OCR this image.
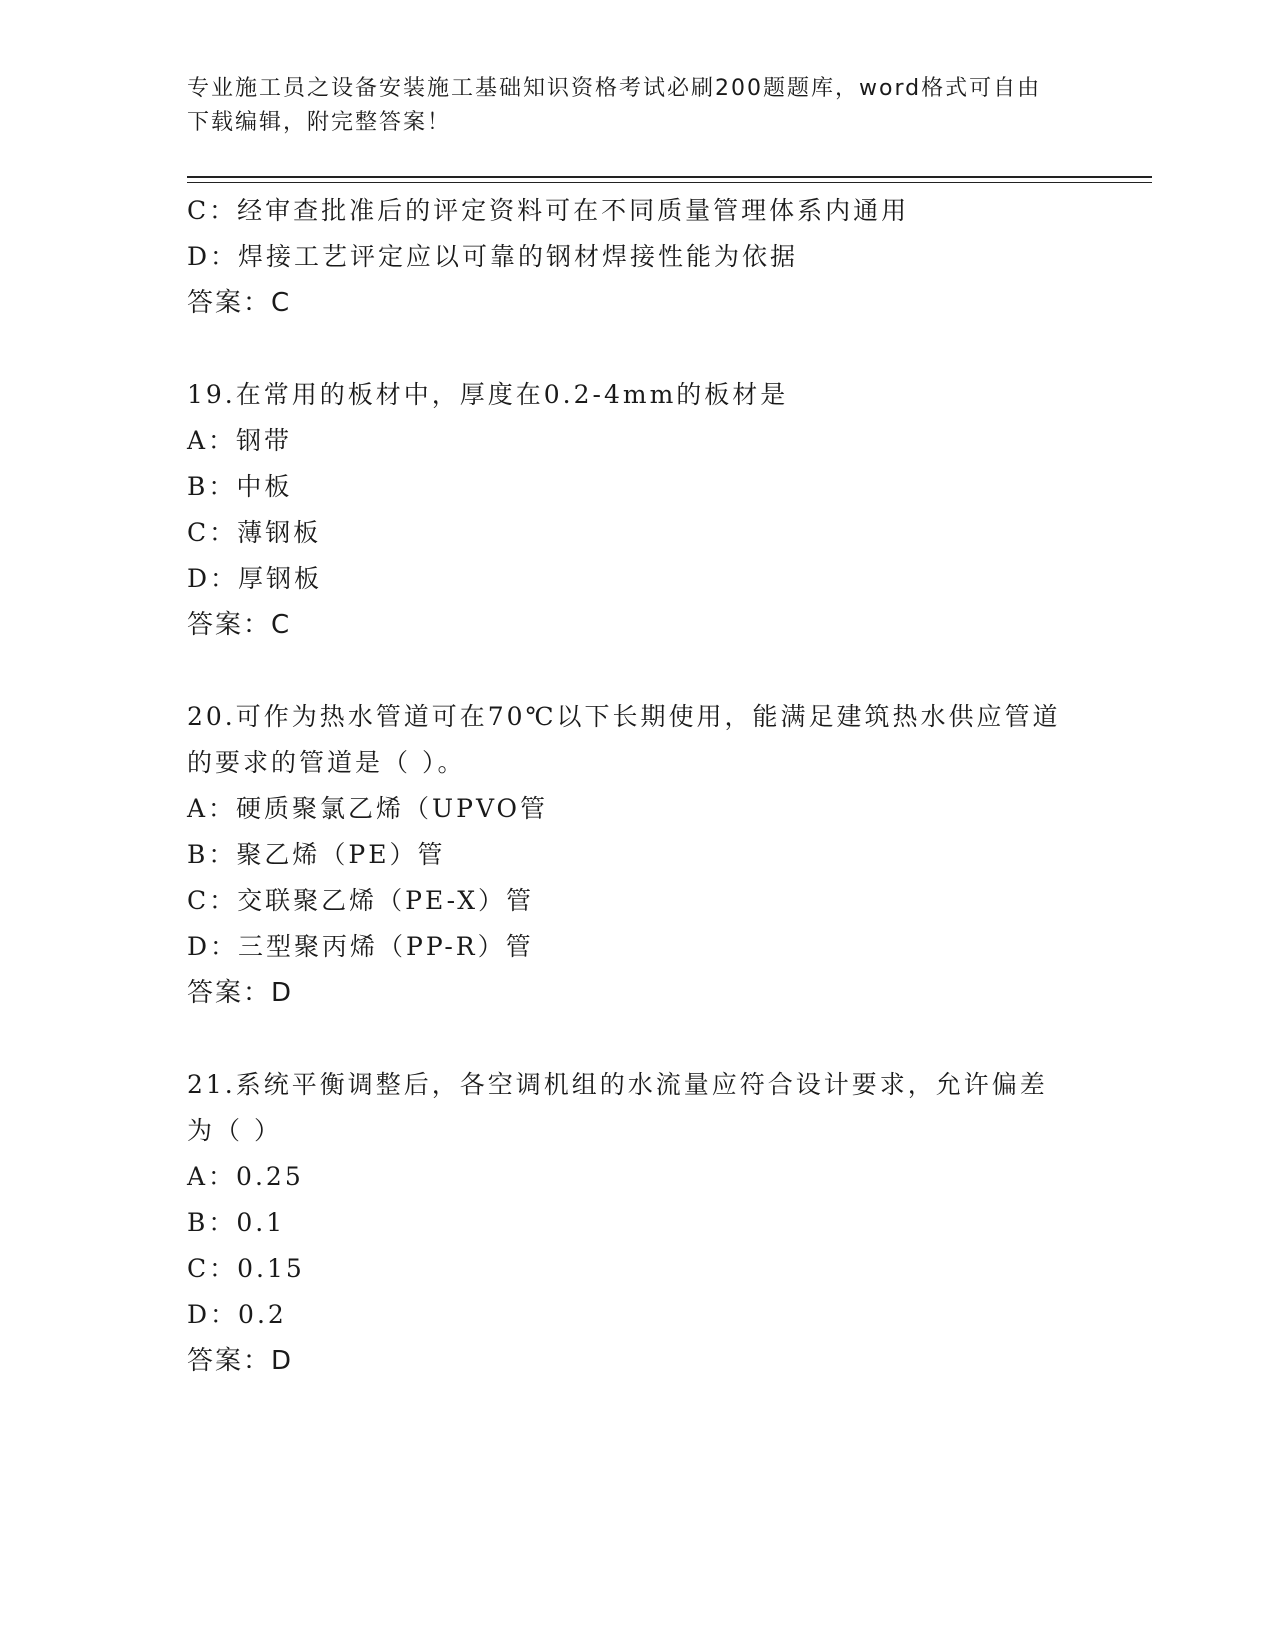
专业施工员之设备安装施工基础知识资格考试必刷200题题库，word格式可自由
下载编辑，附完整答案！
C：经审查批准后的评定资料可在不同质量管理体系内通用
D：焊接工艺评定应以可靠的钢材焊接性能为依据
答案：C
19.在常用的板材中，厚度在0.2-4mm的板材是
A：钢带
B：中板
C：薄钢板
D：厚钢板
答案：C
20.可作为热水管道可在70℃以下长期使用，能满足建筑热水供应管道
的要求的管道是（ ）。
A：硬质聚氯乙烯（UPVO管
B：聚乙烯（PE）管
C：交联聚乙烯（PE-X）管
D：三型聚丙烯（PP-R）管
答案：D
21.系统平衡调整后，各空调机组的水流量应符合设计要求，允许偏差
为（ ）
A：0.25
B：0.1
C：0.15
D：0.2
答案：D
